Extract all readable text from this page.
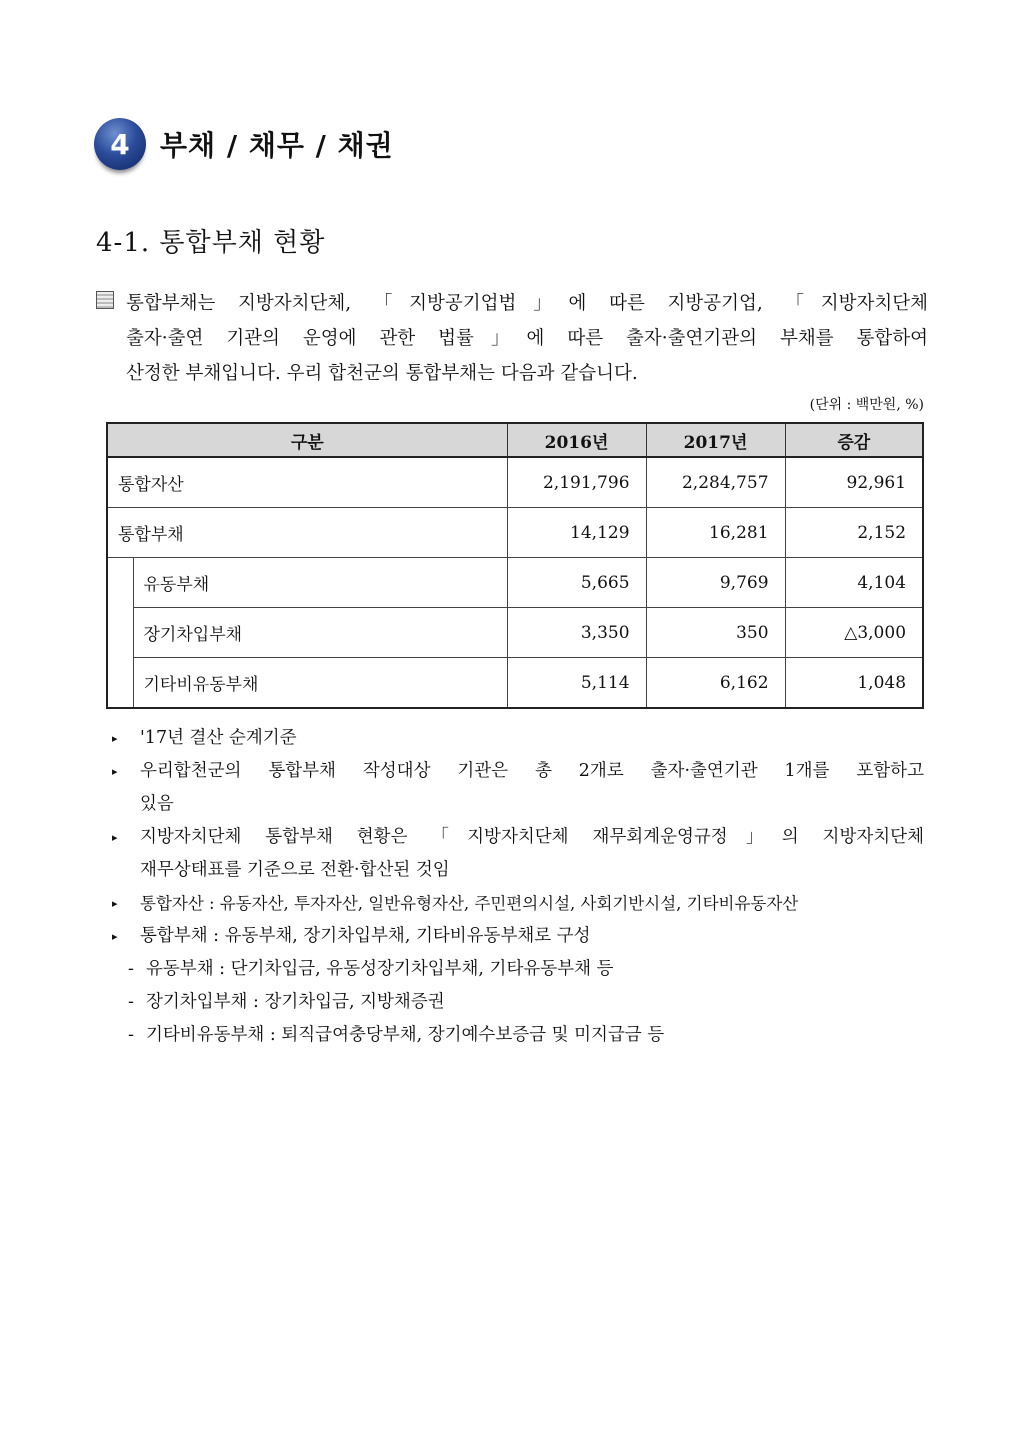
4	부채 / 채무 / 채권
4-1. 통합부채 현황
통합부채는 지방자치단체, 「지방공기업법」에 따른 지방공기업, 「지방자치단체
출자·출연 기관의 운영에 관한 법률」에 따른 출자·출연기관의 부채를 통합하여
산정한 부채입니다. 우리 합천군의 통합부채는 다음과 같습니다.
(단위 : 백만원, %)
구분		2016년	2017년	증감
통합자산		2,191,796	2,284,757	92,961
통합부채		14,129	16,281	2,152
	유동부채	5,665	9,769	4,104
	장기차입부채	3,350	350	△3,000
	기타비유동부채	5,114	6,162	1,048
▸ '17년 결산 순계기준
▸ 우리합천군의 통합부채 작성대상 기관은 총 2개로 출자·출연기관 1개를 포함하고
있음
▸ 지방자치단체 통합부채 현황은 「지방자치단체 재무회계운영규정」의 지방자치단체
재무상태표를 기준으로 전환·합산된 것임
▸ 통합자산 : 유동자산, 투자자산, 일반유형자산, 주민편의시설, 사회기반시설, 기타비유동자산
▸ 통합부채 : 유동부채, 장기차입부채, 기타비유동부채로 구성
- 유동부채 : 단기차입금, 유동성장기차입부채, 기타유동부채 등
- 장기차입부채 : 장기차입금, 지방채증권
- 기타비유동부채 : 퇴직급여충당부채, 장기예수보증금 및 미지급금 등
